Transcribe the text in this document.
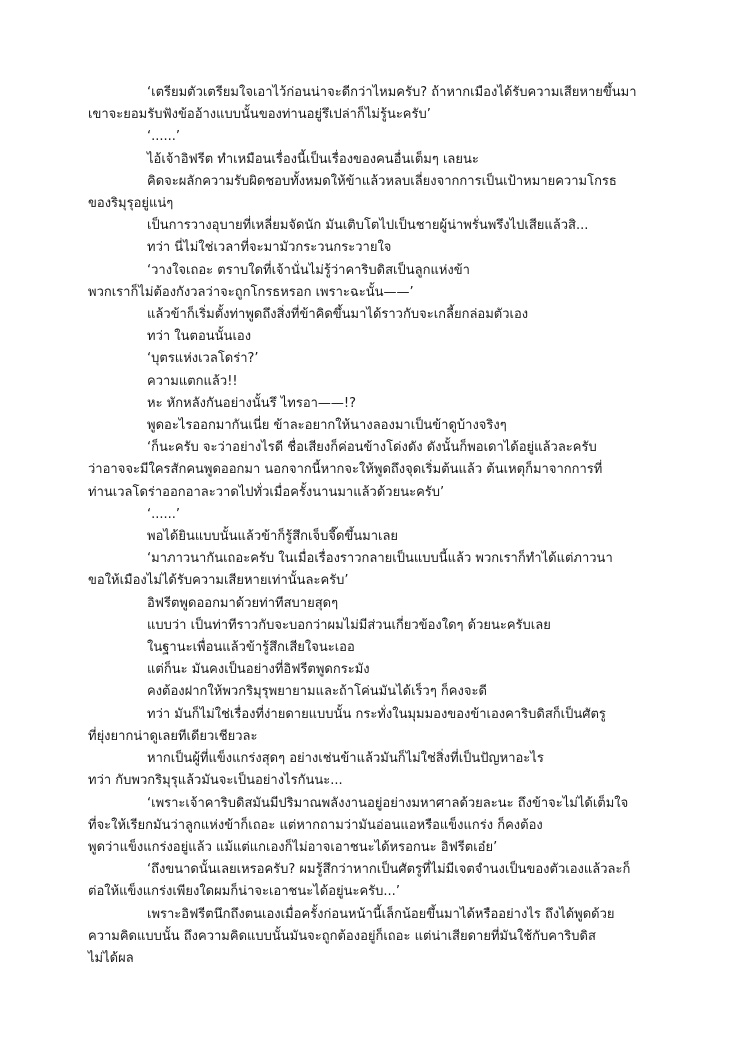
‘เตรียมตัวเตรียมใจเอาไว้ก่อนน่าจะดีกว่าไหมครับ? ถ้าหากเมืองได้รับความเสียหายขึ้นมา
เขาจะยอมรับฟังข้ออ้างแบบนั้นของท่านอยู่รึเปล่าก็ไม่รู้นะครับ’
‘......’
ไอ้เจ้าอิฟรีต ทำเหมือนเรื่องนี้เป็นเรื่องของคนอื่นเต็มๆ เลยนะ
คิดจะผลักความรับผิดชอบทั้งหมดให้ข้าแล้วหลบเลี่ยงจากการเป็นเป้าหมายความโกรธ
ของริมุรุอยู่แน่ๆ
เป็นการวางอุบายที่เหลี่ยมจัดนัก มันเติบโตไปเป็นชายผู้น่าพรั่นพรึงไปเสียแล้วสิ...
ทว่า นี่ไม่ใช่เวลาที่จะมามัวกระวนกระวายใจ
‘วางใจเถอะ ตราบใดที่เจ้านั่นไม่รู้ว่าคาริบดิสเป็นลูกแห่งข้า
พวกเราก็ไม่ต้องกังวลว่าจะถูกโกรธหรอก เพราะฉะนั้น——’
แล้วข้าก็เริ่มตั้งท่าพูดถึงสิ่งที่ข้าคิดขึ้นมาได้ราวกับจะเกลี้ยกล่อมตัวเอง
ทว่า ในตอนนั้นเอง
‘บุตรแห่งเวลโดร่า?’
ความแตกแล้ว!!
หะ หักหลังกันอย่างนั้นรึ ไทรอา——!?
พูดอะไรออกมากันเนี่ย ข้าละอยากให้นางลองมาเป็นข้าดูบ้างจริงๆ
‘ก็นะครับ จะว่าอย่างไรดี ชื่อเสียงก็ค่อนข้างโด่งดัง ดังนั้นก็พอเดาได้อยู่แล้วละครับ
ว่าอาจจะมีใครสักคนพูดออกมา นอกจากนี้หากจะให้พูดถึงจุดเริ่มต้นแล้ว ต้นเหตุก็มาจากการที่
ท่านเวลโดร่าออกอาละวาดไปทั่วเมื่อครั้งนานมาแล้วด้วยนะครับ’
‘......’
พอได้ยินแบบนั้นแล้วข้าก็รู้สึกเจ็บจี๊ดขึ้นมาเลย
‘มาภาวนากันเถอะครับ ในเมื่อเรื่องราวกลายเป็นแบบนี้แล้ว พวกเราก็ทำได้แต่ภาวนา
ขอให้เมืองไม่ได้รับความเสียหายเท่านั้นละครับ’
อิฟรีตพูดออกมาด้วยท่าทีสบายสุดๆ
แบบว่า เป็นท่าทีราวกับจะบอกว่าผมไม่มีส่วนเกี่ยวข้องใดๆ ด้วยนะครับเลย
ในฐานะเพื่อนแล้วข้ารู้สึกเสียใจนะเออ
แต่ก็นะ มันคงเป็นอย่างที่อิฟรีตพูดกระมัง
คงต้องฝากให้พวกริมุรุพยายามและถ้าโค่นมันได้เร็วๆ ก็คงจะดี
ทว่า มันก็ไม่ใช่เรื่องที่ง่ายดายแบบนั้น กระทั่งในมุมมองของข้าเองคาริบดิสก็เป็นศัตรู
ที่ยุ่งยากน่าดูเลยทีเดียวเชียวละ
หากเป็นผู้ที่แข็งแกร่งสุดๆ อย่างเช่นข้าแล้วมันก็ไม่ใช่สิ่งที่เป็นปัญหาอะไร
ทว่า กับพวกริมุรุแล้วมันจะเป็นอย่างไรกันนะ...
‘เพราะเจ้าคาริบดิสมันมีปริมาณพลังงานอยู่อย่างมหาศาลด้วยละนะ ถึงข้าจะไม่ได้เต็มใจ
ที่จะให้เรียกมันว่าลูกแห่งข้าก็เถอะ แต่หากถามว่ามันอ่อนแอหรือแข็งแกร่ง ก็คงต้อง
พูดว่าแข็งแกร่งอยู่แล้ว แม้แต่แกเองก็ไม่อาจเอาชนะได้หรอกนะ อิฟรีตเอ๋ย’
‘ถึงขนาดนั้นเลยเหรอครับ? ผมรู้สึกว่าหากเป็นศัตรูที่ไม่มีเจตจำนงเป็นของตัวเองแล้วละก็
ต่อให้แข็งแกร่งเพียงใดผมก็น่าจะเอาชนะได้อยู่นะครับ...’
เพราะอิฟรีตนึกถึงตนเองเมื่อครั้งก่อนหน้านี้เล็กน้อยขึ้นมาได้หรืออย่างไร ถึงได้พูดด้วย
ความคิดแบบนั้น ถึงความคิดแบบนั้นมันจะถูกต้องอยู่ก็เถอะ แต่น่าเสียดายที่มันใช้กับคาริบดิส
ไม่ได้ผล
